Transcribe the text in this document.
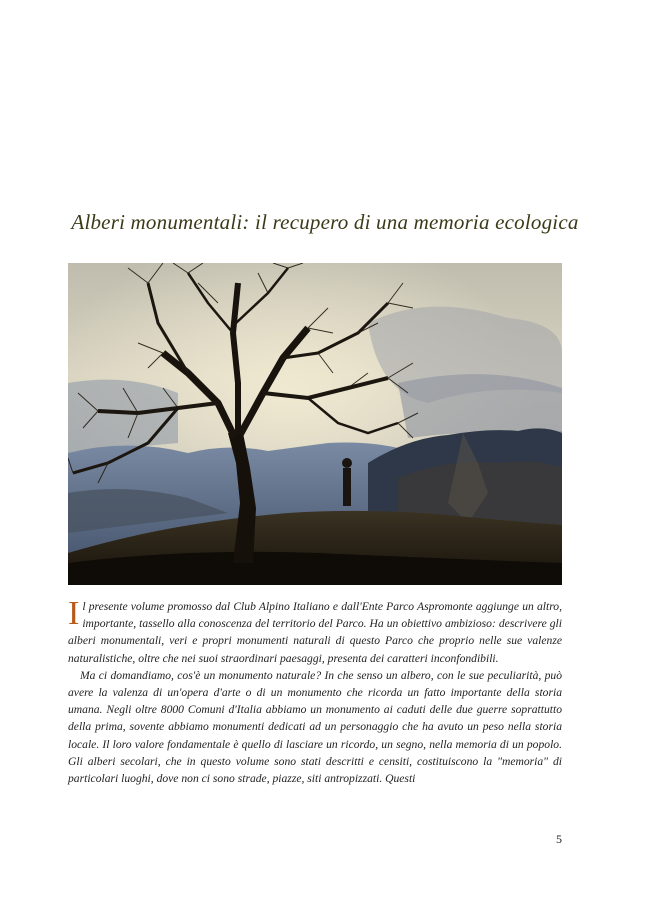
Alberi monumentali: il recupero di una memoria ecologica

Il presente volume promosso dal Club Alpino Italiano e dall'Ente Parco Aspromonte aggiunge un altro, importante, tassello alla conoscenza del territorio del Parco. Ha un obiettivo ambizioso: descrivere gli alberi monumentali, veri e propri monumenti naturali di questo Parco che proprio nelle sue valenze naturalistiche, oltre che nei suoi straordinari paesaggi, presenta dei caratteri inconfondibili.

Ma ci domandiamo, cos'è un monumento naturale? In che senso un albero, con le sue peculiarità, può avere la valenza di un'opera d'arte o di un monumento che ricorda un fatto importante della storia umana. Negli oltre 8000 Comuni d'Italia abbiamo un monumento ai caduti delle due guerre soprattutto della prima, sovente abbiamo monumenti dedicati ad un personaggio che ha avuto un peso nella storia locale. Il loro valore fondamentale è quello di lasciare un ricordo, un segno, nella memoria di un popolo. Gli alberi secolari, che in questo volume sono stati descritti e censiti, costituiscono la "memoria" di particolari luoghi, dove non ci sono strade, piazze, siti antropizzati. Questi

5
